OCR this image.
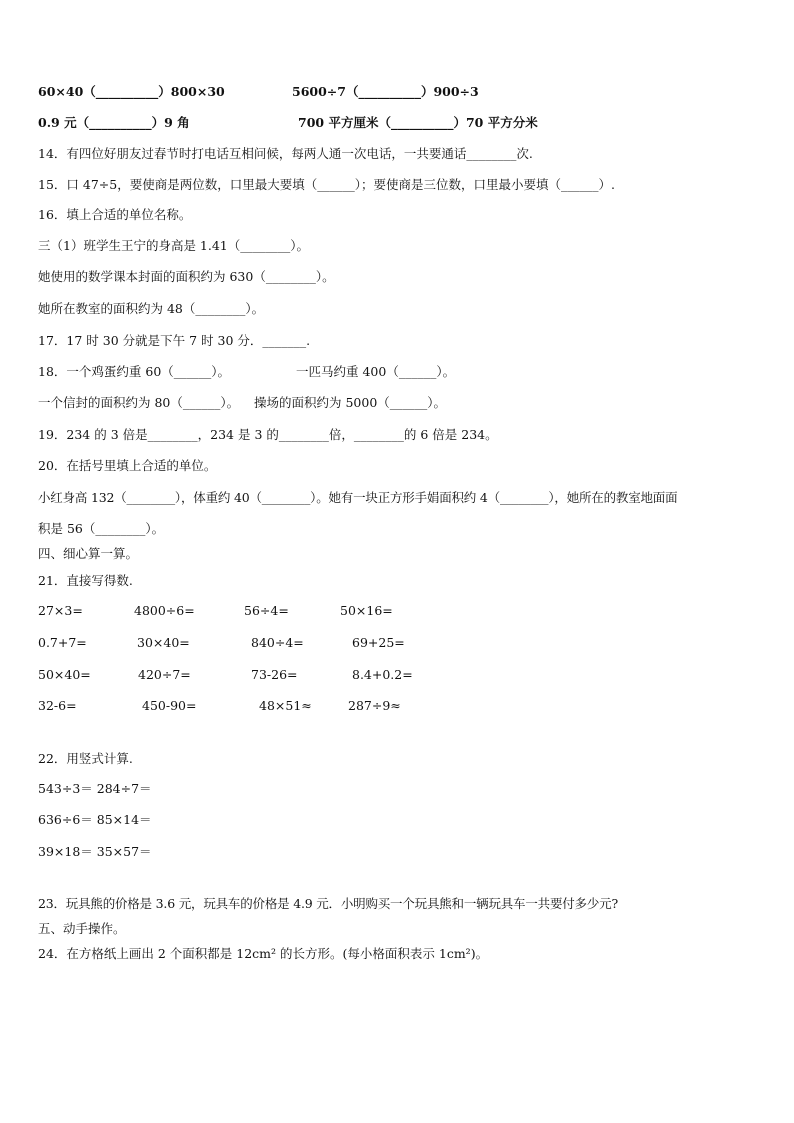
60×40（__________）800×30	5600÷7（__________）900÷3
0.9 元（__________）9 角	700 平方厘米（__________）70 平方分米
14．有四位好朋友过春节时打电话互相问候，每两人通一次电话，一共要通话________次.
15．口 47÷5，要使商是两位数，口里最大要填（______）；要使商是三位数，口里最小要填（______）.
16．填上合适的单位名称。
三（1）班学生王宁的身高是 1.41（________）。
她使用的数学课本封面的面积约为 630（________）。
她所在教室的面积约为 48（________）。
17．17 时 30 分就是下午 7 时 30 分．_______.
18．一个鸡蛋约重 60（______）。	一匹马约重 400（______）。
一个信封的面积约为 80（______）。 操场的面积约为 5000（______）。
19．234 的 3 倍是________，234 是 3 的________倍，________的 6 倍是 234。
20．在括号里填上合适的单位。
小红身高 132（________），体重约 40（________）。她有一块正方形手娟面积约 4（________），她所在的教室地面面
积是 56（________）。
四、细心算一算。
21．直接写得数.
27×3=	4800÷6=	56÷4=	50×16=
0.7+7=	30×40=	840÷4=	69+25=
50×40=	420÷7=	73-26=	8.4+0.2=
32-6=	450-90=	48×51≈	287÷9≈
22．用竖式计算.
543÷3＝ 284÷7＝
636÷6＝ 85×14＝
39×18＝ 35×57＝
23．玩具熊的价格是 3.6 元，玩具车的价格是 4.9 元．小明购买一个玩具熊和一辆玩具车一共要付多少元?
五、动手操作。
24．在方格纸上画出 2 个面积都是 12cm² 的长方形。(每小格面积表示 1cm²)。
